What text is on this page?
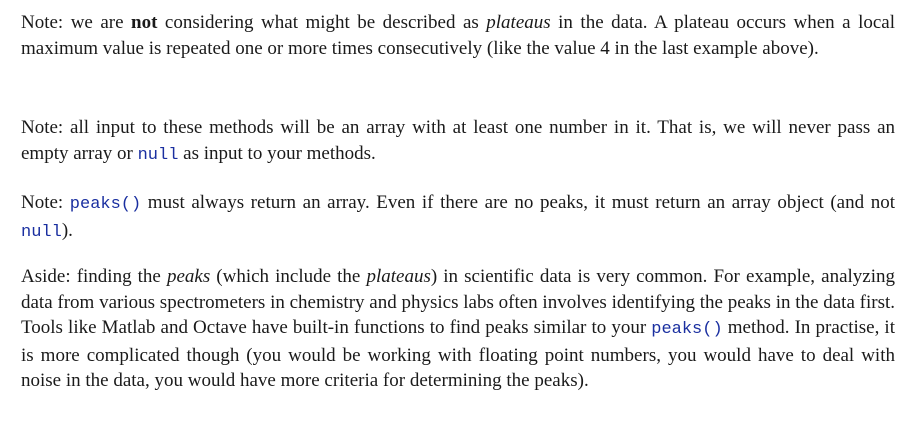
Note: we are not considering what might be described as plateaus in the data. A plateau occurs when a local maximum value is repeated one or more times consecutively (like the value 4 in the last example above).

Note: all input to these methods will be an array with at least one number in it. That is, we will never pass an empty array or null as input to your methods.

Note: peaks() must always return an array. Even if there are no peaks, it must return an array object (and not null).

Aside: finding the peaks (which include the plateaus) in scientific data is very common. For example, analyzing data from various spectrometers in chemistry and physics labs often involves identifying the peaks in the data first. Tools like Matlab and Octave have built-in functions to find peaks similar to your peaks() method. In practise, it is more complicated though (you would be working with floating point numbers, you would have to deal with noise in the data, you would have more criteria for determining the peaks).
